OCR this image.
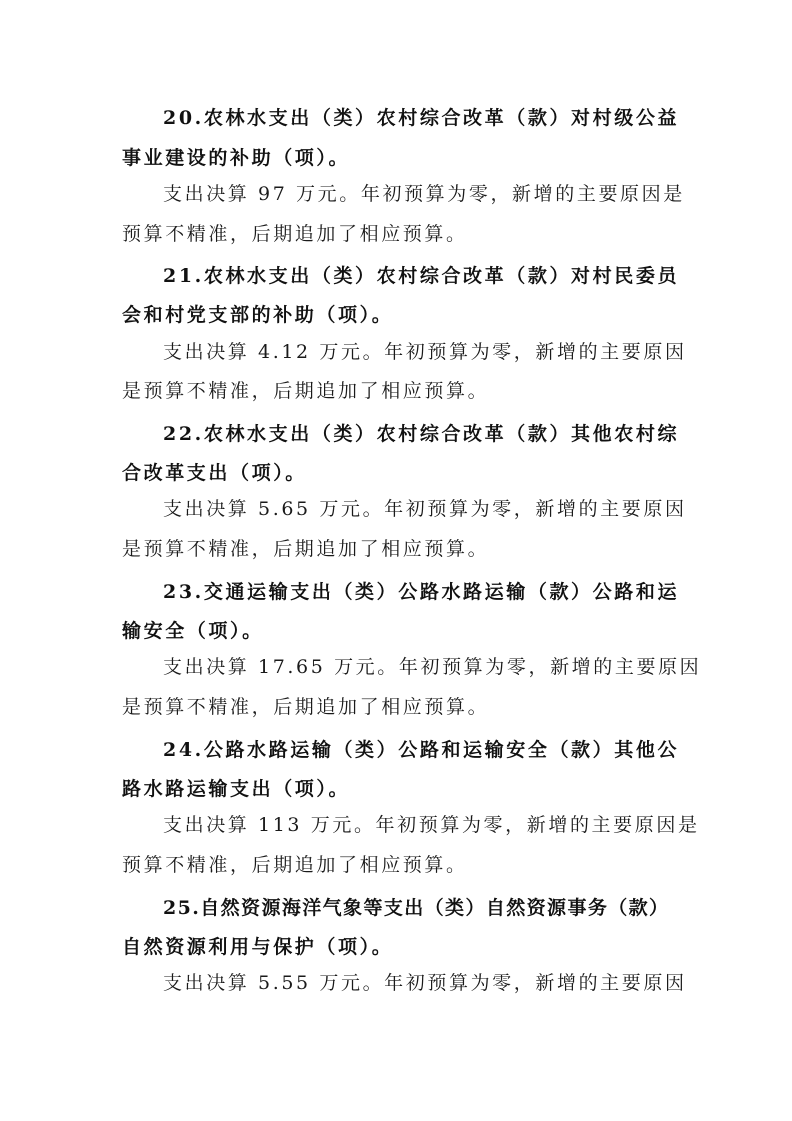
20.农林水支出（类）农村综合改革（款）对村级公益
事业建设的补助（项）。
支出决算 97 万元。年初预算为零，新增的主要原因是
预算不精准，后期追加了相应预算。
21.农林水支出（类）农村综合改革（款）对村民委员
会和村党支部的补助（项）。
支出决算 4.12 万元。年初预算为零，新增的主要原因
是预算不精准，后期追加了相应预算。
22.农林水支出（类）农村综合改革（款）其他农村综
合改革支出（项）。
支出决算 5.65 万元。年初预算为零，新增的主要原因
是预算不精准，后期追加了相应预算。
23.交通运输支出（类）公路水路运输（款）公路和运
输安全（项）。
支出决算 17.65 万元。年初预算为零，新增的主要原因
是预算不精准，后期追加了相应预算。
24.公路水路运输（类）公路和运输安全（款）其他公
路水路运输支出（项）。
支出决算 113 万元。年初预算为零，新增的主要原因是
预算不精准，后期追加了相应预算。
25.自然资源海洋气象等支出（类）自然资源事务（款）
自然资源利用与保护（项）。
支出决算 5.55 万元。年初预算为零，新增的主要原因
